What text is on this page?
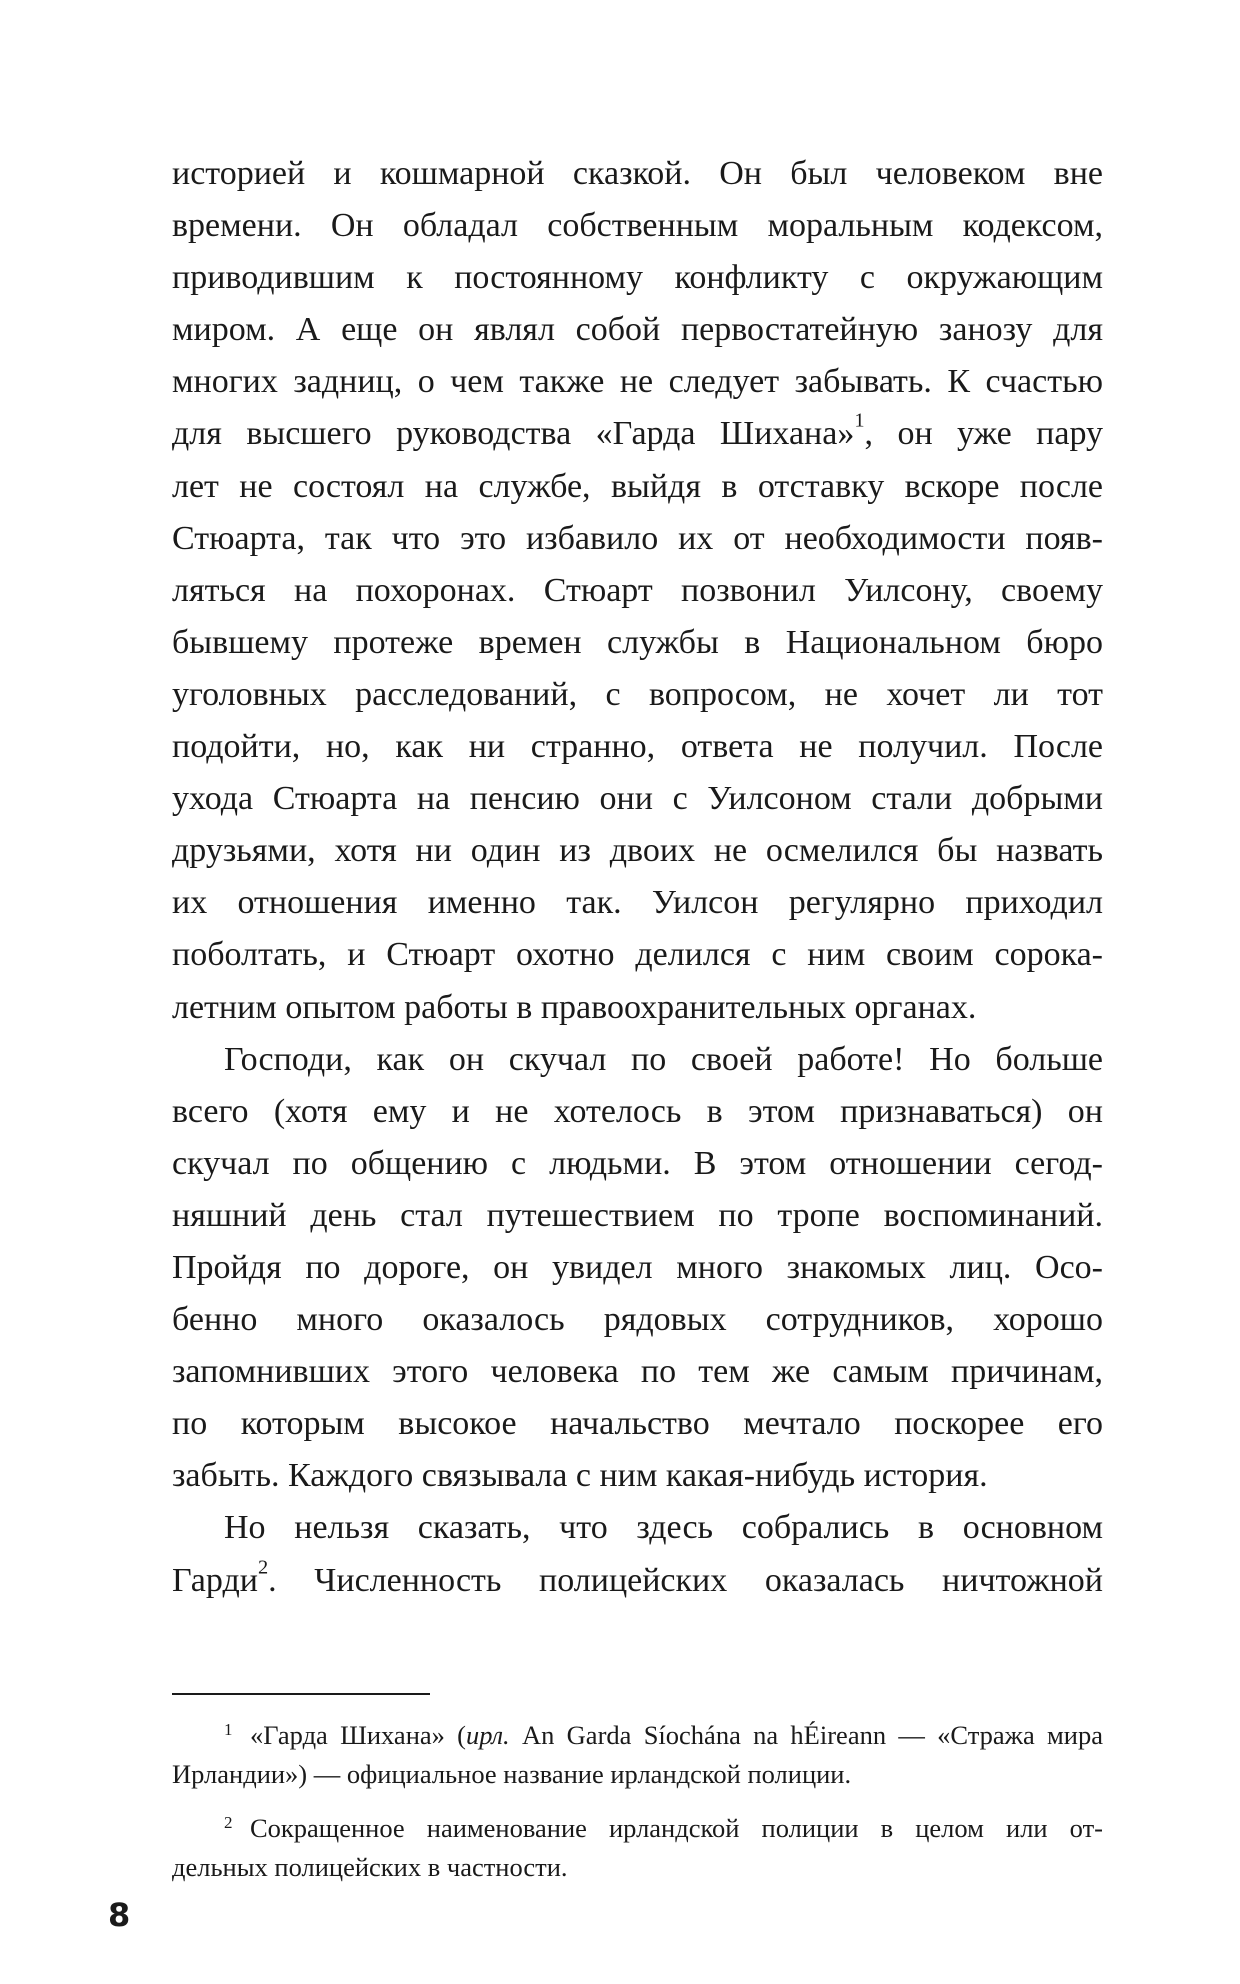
историей и кошмарной сказкой. Он был человеком вне
времени. Он обладал собственным моральным кодексом,
приводившим к постоянному конфликту с окружающим
миром. А еще он являл собой первостатейную занозу для
многих задниц, о чем также не следует забывать. К счастью
для высшего руководства «Гарда Шихана»$^1$, он уже пару
лет не состоял на службе, выйдя в отставку вскоре после
Стюарта, так что это избавило их от необходимости появ-
ляться на похоронах. Стюарт позвонил Уилсону, своему
бывшему протеже времен службы в Национальном бюро
уголовных расследований, с вопросом, не хочет ли тот
подойти, но, как ни странно, ответа не получил. После
ухода Стюарта на пенсию они с Уилсоном стали добрыми
друзьями, хотя ни один из двоих не осмелился бы назвать
их отношения именно так. Уилсон регулярно приходил
поболтать, и Стюарт охотно делился с ним своим сорока-
летним опытом работы в правоохранительных органах.
Господи, как он скучал по своей работе! Но больше
всего (хотя ему и не хотелось в этом признаваться) он
скучал по общению с людьми. В этом отношении сегод-
няшний день стал путешествием по тропе воспоминаний.
Пройдя по дороге, он увидел много знакомых лиц. Осо-
бенно много оказалось рядовых сотрудников, хорошо
запомнивших этого человека по тем же самым причинам,
по которым высокое начальство мечтало поскорее его
забыть. Каждого связывала с ним какая-нибудь история.
Но нельзя сказать, что здесь собрались в основном
Гарди$^2$. Численность полицейских оказалась ничтожной
1 «Гарда Шихана» (ирл. An Garda Síochána na hÉireann — «Стража мира
Ирландии») — официальное название ирландской полиции.
2 Сокращенное наименование ирландской полиции в целом или от-
дельных полицейских в частности.
8
